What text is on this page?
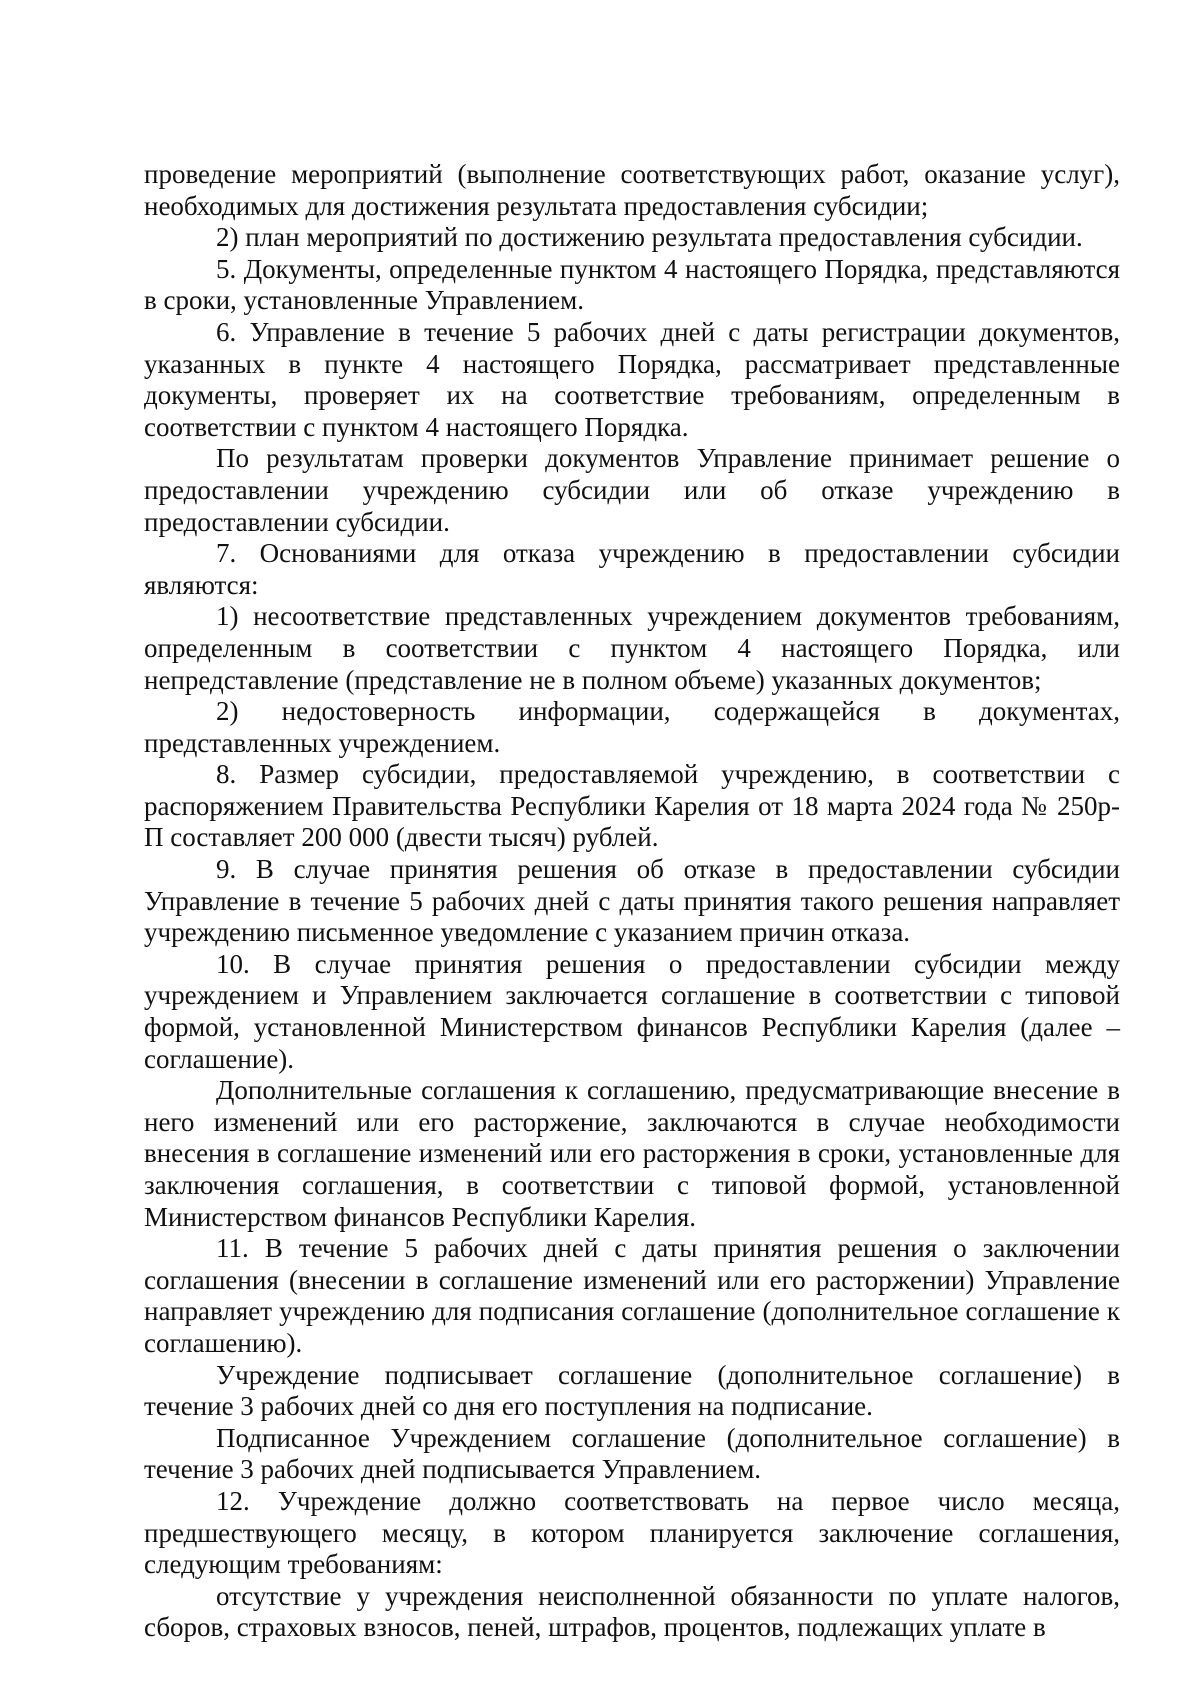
проведение мероприятий (выполнение соответствующих работ, оказание услуг), необходимых для достижения результата предоставления субсидии;

2) план мероприятий по достижению результата предоставления субсидии.

5. Документы, определенные пунктом 4 настоящего Порядка, представляются в сроки, установленные Управлением.

6. Управление в течение 5 рабочих дней с даты регистрации документов, указанных в пункте 4 настоящего Порядка, рассматривает представленные документы, проверяет их на соответствие требованиям, определенным в соответствии с пунктом 4 настоящего Порядка.

По результатам проверки документов Управление принимает решение о предоставлении учреждению субсидии или об отказе учреждению в предоставлении субсидии.

7. Основаниями для отказа учреждению в предоставлении субсидии являются:

1) несоответствие представленных учреждением документов требованиям, определенным в соответствии с пунктом 4 настоящего Порядка, или непредставление (представление не в полном объеме) указанных документов;

2) недостоверность информации, содержащейся в документах, представленных учреждением.

8. Размер субсидии, предоставляемой учреждению, в соответствии с распоряжением Правительства Республики Карелия от 18 марта 2024 года № 250р-П составляет 200 000 (двести тысяч) рублей.

9. В случае принятия решения об отказе в предоставлении субсидии Управление в течение 5 рабочих дней с даты принятия такого решения направляет учреждению письменное уведомление с указанием причин отказа.

10. В случае принятия решения о предоставлении субсидии между учреждением и Управлением заключается соглашение в соответствии с типовой формой, установленной Министерством финансов Республики Карелия (далее – соглашение).

Дополнительные соглашения к соглашению, предусматривающие внесение в него изменений или его расторжение, заключаются в случае необходимости внесения в соглашение изменений или его расторжения в сроки, установленные для заключения соглашения, в соответствии с типовой формой, установленной Министерством финансов Республики Карелия.

11. В течение 5 рабочих дней с даты принятия решения о заключении соглашения (внесении в соглашение изменений или его расторжении) Управление направляет учреждению для подписания соглашение (дополнительное соглашение к соглашению).

Учреждение подписывает соглашение (дополнительное соглашение) в течение 3 рабочих дней со дня его поступления на подписание.

Подписанное Учреждением соглашение (дополнительное соглашение) в течение 3 рабочих дней подписывается Управлением.

12. Учреждение должно соответствовать на первое число месяца, предшествующего месяцу, в котором планируется заключение соглашения, следующим требованиям:

отсутствие у учреждения неисполненной обязанности по уплате налогов, сборов, страховых взносов, пеней, штрафов, процентов, подлежащих уплате в
